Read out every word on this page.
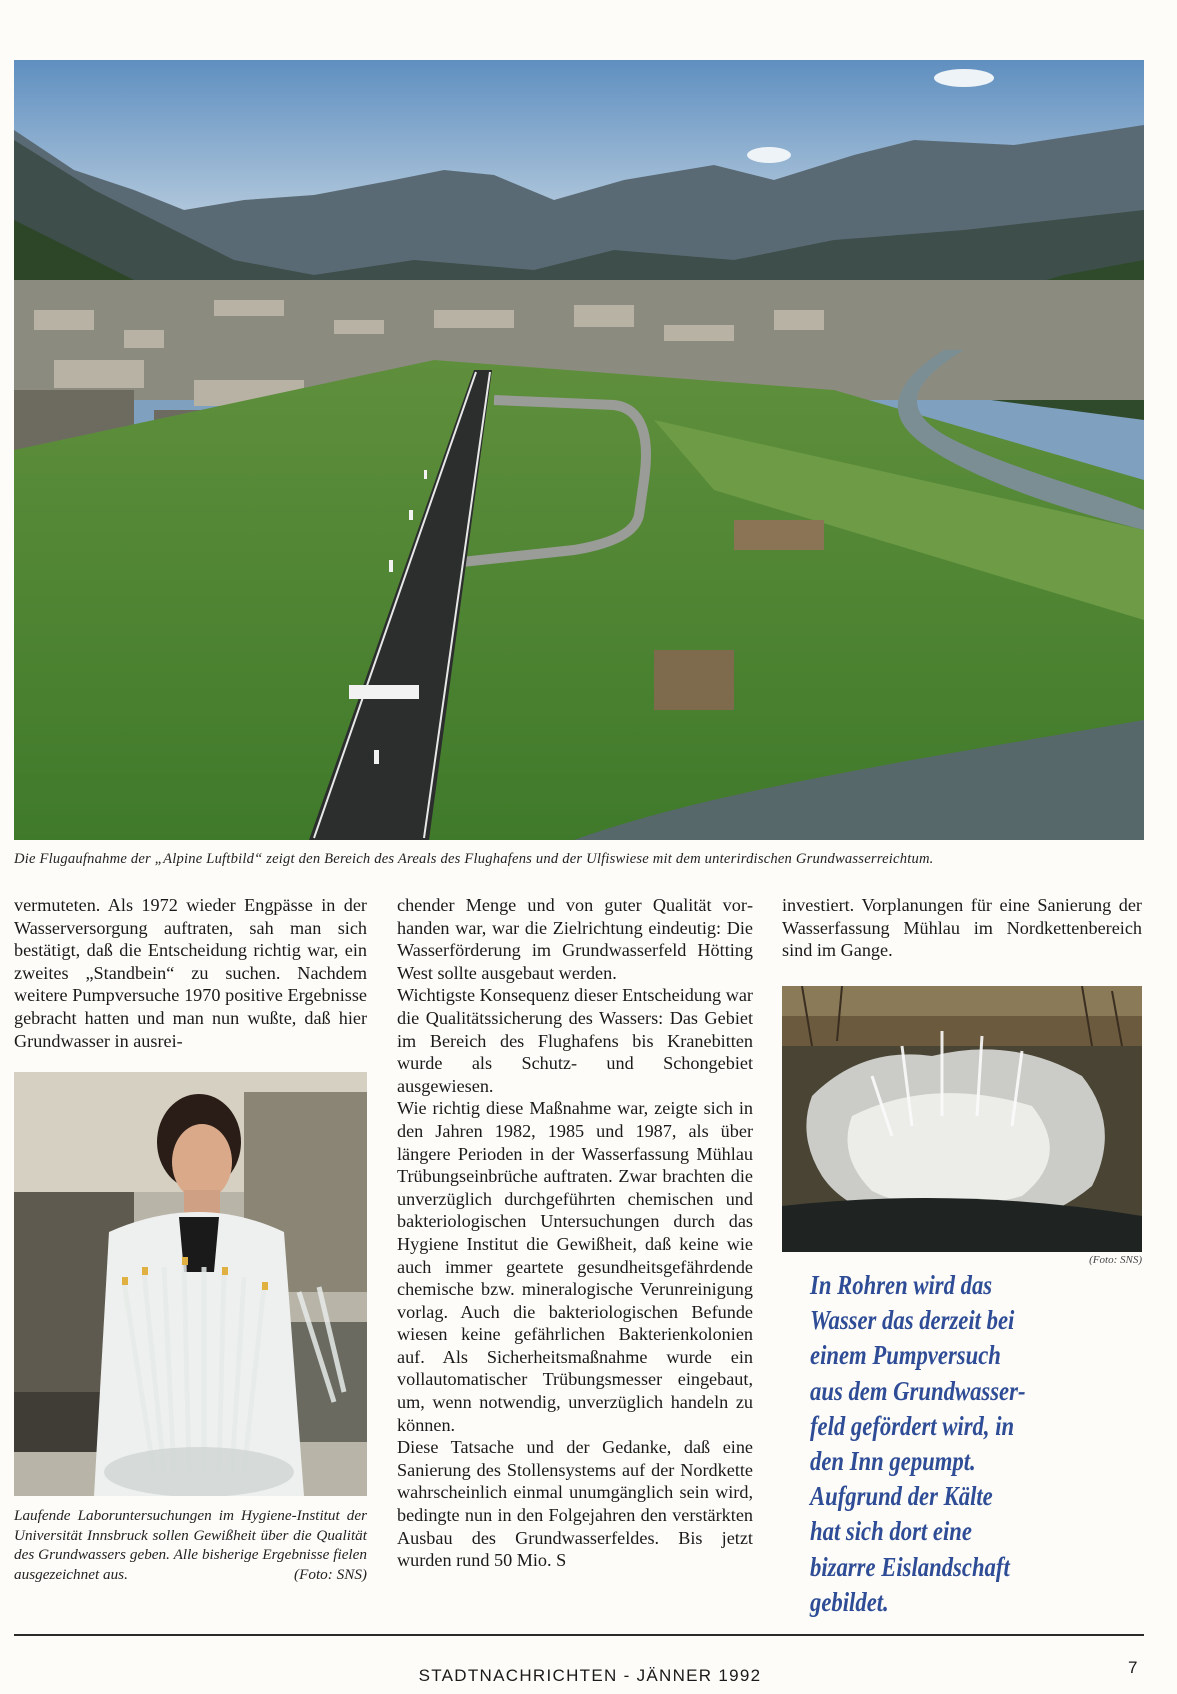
Die Flugaufnahme der „Alpine Luftbild“ zeigt den Bereich des Areals des Flughafens und der Ulfiswiese mit dem unterirdischen Grundwasserreichtum.

vermuteten. Als 1972 wieder Engpässe in der Wasserversorgung auftraten, sah man sich bestätigt, daß die Entscheidung richtig war, ein zweites „Standbein“ zu suchen. Nachdem weitere Pumpversuche 1970 positive Ergebnisse gebracht hatten und man nun wußte, daß hier Grundwasser in ausrei-

Laufende Laboruntersuchungen im Hygiene-Institut der Universität Innsbruck sollen Gewißheit über die Qualität des Grundwassers geben. Alle bisherige Ergebnisse fielen ausgezeichnet aus.	(Foto: SNS)

chender Menge und von guter Qualität vorhanden war, war die Zielrichtung eindeutig: Die Wasserförderung im Grundwasserfeld Hötting West sollte ausgebaut werden.

Wichtigste Konsequenz dieser Entscheidung war die Qualitätssicherung des Wassers: Das Gebiet im Bereich des Flughafens bis Kranebitten wurde als Schutz- und Schongebiet ausgewiesen.

Wie richtig diese Maßnahme war, zeigte sich in den Jahren 1982, 1985 und 1987, als über längere Perioden in der Wasserfassung Mühlau Trübungseinbrüche auftraten. Zwar brachten die unverzüglich durchgeführten chemischen und bakteriologischen Untersuchungen durch das Hygiene Institut die Gewißheit, daß keine wie auch immer geartete gesundheitsgefährdende chemische bzw. mineralogische Verunreinigung vorlag. Auch die bakteriologischen Befunde wiesen keine gefährlichen Bakterienkolonien auf. Als Sicherheitsmaßnahme wurde ein vollautomatischer Trübungsmesser eingebaut, um, wenn notwendig, unverzüglich handeln zu können.

Diese Tatsache und der Gedanke, daß eine Sanierung des Stollensystems auf der Nordkette wahrscheinlich einmal unumgänglich sein wird, bedingte nun in den Folgejahren den verstärkten Ausbau des Grundwasserfeldes. Bis jetzt wurden rund 50 Mio. S

investiert. Vorplanungen für eine Sanierung der Wasserfassung Mühlau im Nordkettenbereich sind im Gange.

(Foto: SNS)
In Rohren wird das
Wasser das derzeit bei
einem Pumpversuch
aus dem Grundwasser-
feld gefördert wird, in
den Inn gepumpt.
Aufgrund der Kälte
hat sich dort eine
bizarre Eislandschaft
gebildet.
STADTNACHRICHTEN - JÄNNER 1992	7
